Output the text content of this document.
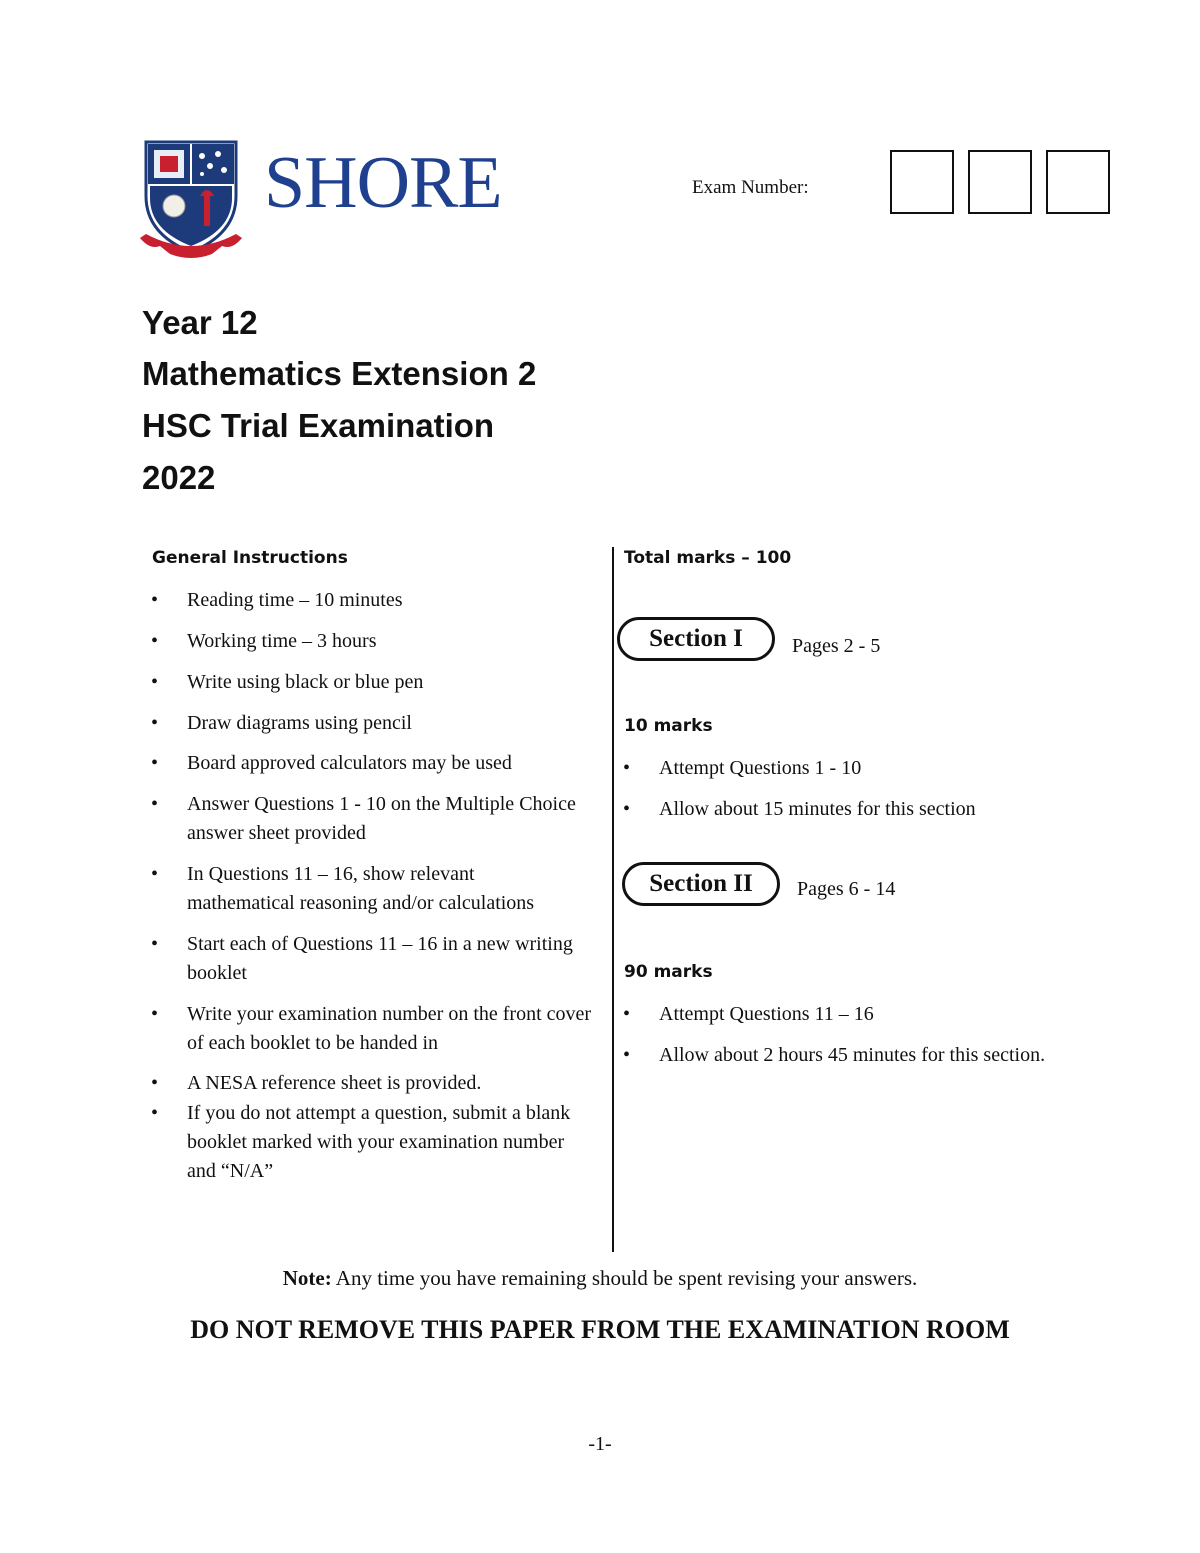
SHORE	Exam Number:
Year 12
Mathematics Extension 2
HSC Trial Examination
2022
General Instructions
• Reading time – 10 minutes
• Working time – 3 hours
• Write using black or blue pen
• Draw diagrams using pencil
• Board approved calculators may be used
• Answer Questions 1 - 10 on the Multiple Choice answer sheet provided
• In Questions 11 – 16, show relevant mathematical reasoning and/or calculations
• Start each of Questions 11 – 16 in a new writing booklet
• Write your examination number on the front cover of each booklet to be handed in
• A NESA reference sheet is provided.
• If you do not attempt a question, submit a blank booklet marked with your examination number and “N/A”
Total marks – 100
Section I	Pages 2 - 5
10 marks
• Attempt Questions 1 - 10
• Allow about 15 minutes for this section
Section II	Pages 6 - 14
90 marks
• Attempt Questions 11 – 16
• Allow about 2 hours 45 minutes for this section.
Note: Any time you have remaining should be spent revising your answers.
DO NOT REMOVE THIS PAPER FROM THE EXAMINATION ROOM
-1-
